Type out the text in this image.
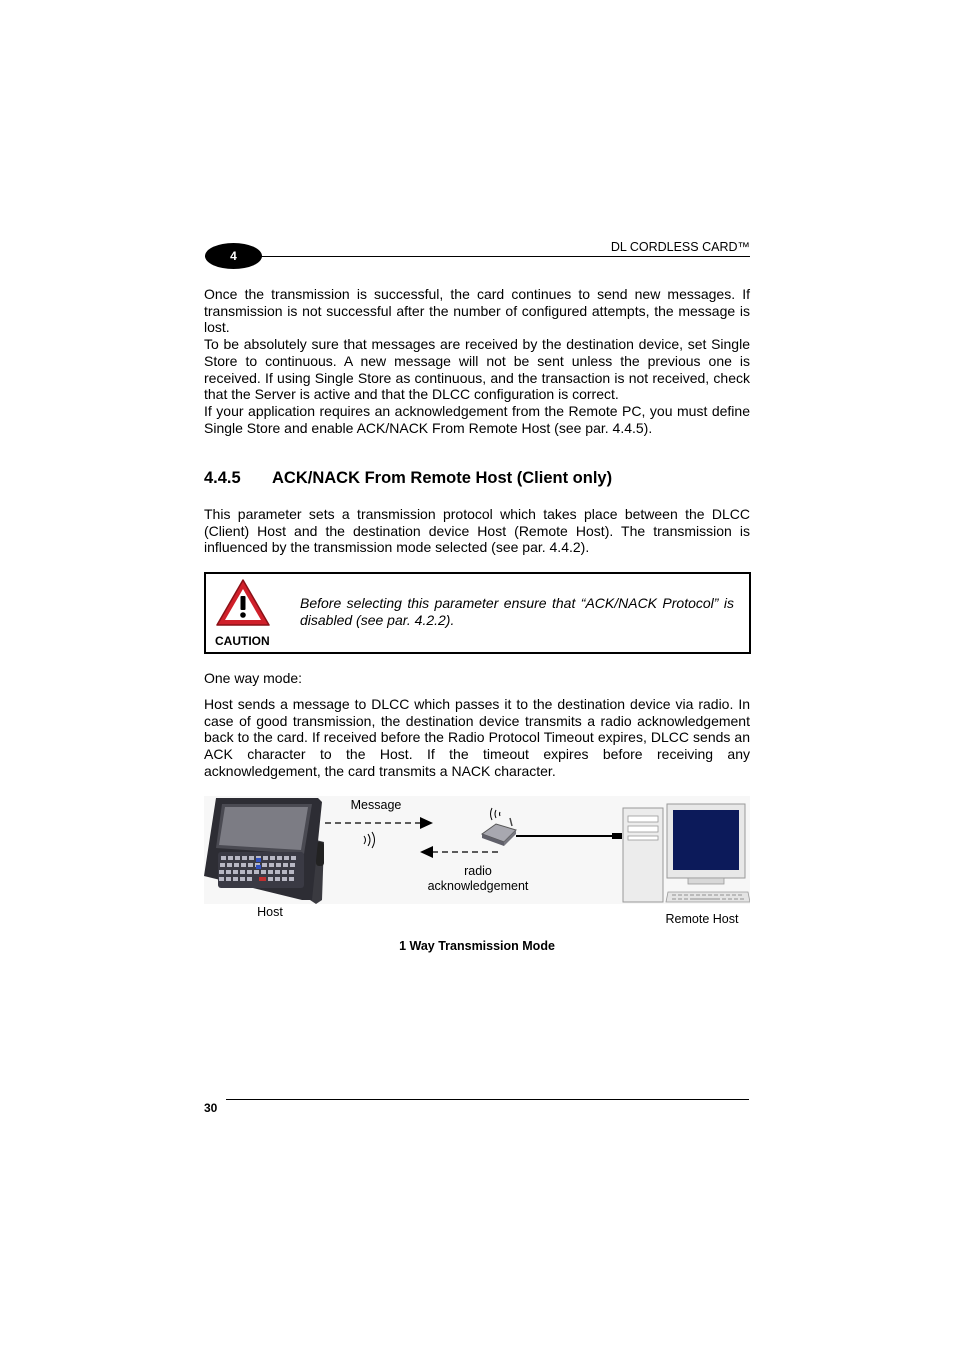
4
DL CORDLESS CARD™

Once the transmission is successful, the card continues to send new messages. If transmission is not successful after the number of configured attempts, the message is lost.

To be absolutely sure that messages are received by the destination device, set Single Store to continuous. A new message will not be sent unless the previous one is received. If using Single Store as continuous, and the transaction is not received, check that the Server is active and that the DLCC configuration is correct.

If your application requires an acknowledgement from the Remote PC, you must define Single Store and enable ACK/NACK From Remote Host (see par. 4.4.5).

4.4.5 ACK/NACK From Remote Host (Client only)
This parameter sets a transmission protocol which takes place between the DLCC (Client) Host and the destination device Host (Remote Host). The transmission is influenced by the transmission mode selected (see par. 4.4.2).
CAUTION
Before selecting this parameter ensure that “ACK/NACK Protocol” is disabled (see par. 4.2.2).
One way mode:
Host sends a message to DLCC which passes it to the destination device via radio. In case of good transmission, the destination device transmits a radio acknowledgement back to the card. If received before the Radio Protocol Timeout expires, DLCC sends an ACK character to the Host. If the timeout expires before receiving any acknowledgement, the card transmits a NACK character.
Message
radio
acknowledgement
Host	Remote Host
1 Way Transmission Mode
30
